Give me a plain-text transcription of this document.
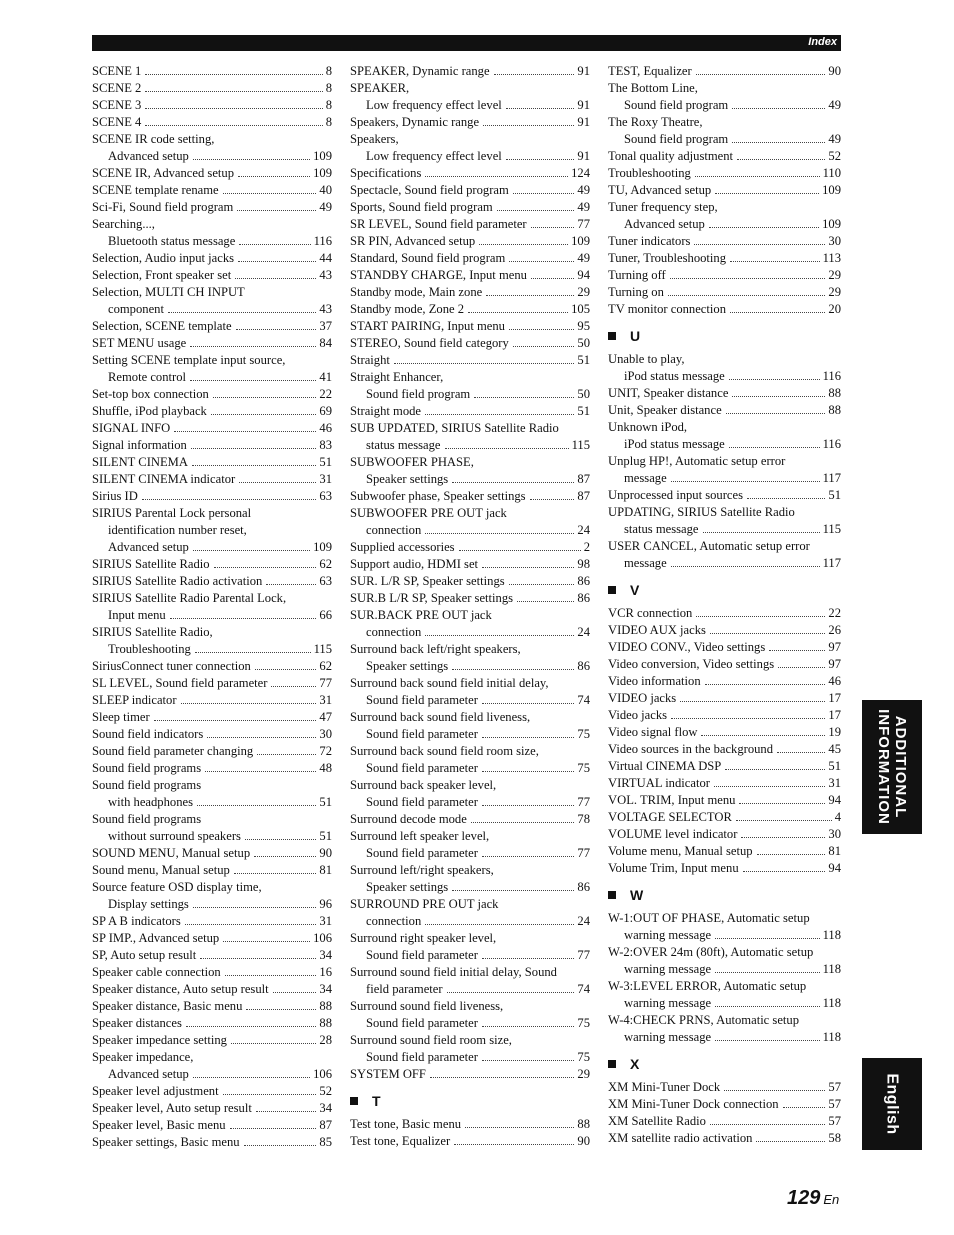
Index
SCENE 1	8
SCENE 2	8
SCENE 3	8
SCENE 4	8
SCENE IR code setting,
Advanced setup	109
SCENE IR, Advanced setup	109
SCENE template rename	40
Sci-Fi, Sound field program	49
Searching...,
Bluetooth status message	116
Selection, Audio input jacks	44
Selection, Front speaker set	43
Selection, MULTI CH INPUT
component	43
Selection, SCENE template	37
SET MENU usage	84
Setting SCENE template input source,
Remote control	41
Set-top box connection	22
Shuffle, iPod playback	69
SIGNAL INFO	46
Signal information	83
SILENT CINEMA	51
SILENT CINEMA indicator	31
Sirius ID	63
SIRIUS Parental Lock personal
identification number reset,
Advanced setup	109
SIRIUS Satellite Radio	62
SIRIUS Satellite Radio activation	63
SIRIUS Satellite Radio Parental Lock,
Input menu	66
SIRIUS Satellite Radio,
Troubleshooting	115
SiriusConnect tuner connection	62
SL LEVEL, Sound field parameter	77
SLEEP indicator	31
Sleep timer	47
Sound field indicators	30
Sound field parameter changing	72
Sound field programs	48
Sound field programs
with headphones	51
Sound field programs
without surround speakers	51
SOUND MENU, Manual setup	90
Sound menu, Manual setup	81
Source feature OSD display time,
Display settings	96
SP A B indicators	31
SP IMP., Advanced setup	106
SP, Auto setup result	34
Speaker cable connection	16
Speaker distance, Auto setup result	34
Speaker distance, Basic menu	88
Speaker distances	88
Speaker impedance setting	28
Speaker impedance,
Advanced setup	106
Speaker level adjustment	52
Speaker level, Auto setup result	34
Speaker level, Basic menu	87
Speaker settings, Basic menu	85
SPEAKER, Dynamic range	91
SPEAKER,
Low frequency effect level	91
Speakers, Dynamic range	91
Speakers,
Low frequency effect level	91
Specifications	124
Spectacle, Sound field program	49
Sports, Sound field program	49
SR LEVEL, Sound field parameter	77
SR PIN, Advanced setup	109
Standard, Sound field program	49
STANDBY CHARGE, Input menu	94
Standby mode, Main zone	29
Standby mode, Zone 2	105
START PAIRING, Input menu	95
STEREO, Sound field category	50
Straight	51
Straight Enhancer,
Sound field program	50
Straight mode	51
SUB UPDATED, SIRIUS Satellite Radio
status message	115
SUBWOOFER PHASE,
Speaker settings	87
Subwoofer phase, Speaker settings	87
SUBWOOFER PRE OUT jack
connection	24
Supplied accessories	2
Support audio, HDMI set	98
SUR. L/R SP, Speaker settings	86
SUR.B L/R SP, Speaker settings	86
SUR.BACK PRE OUT jack
connection	24
Surround back left/right speakers,
Speaker settings	86
Surround back sound field initial delay,
Sound field parameter	74
Surround back sound field liveness,
Sound field parameter	75
Surround back sound field room size,
Sound field parameter	75
Surround back speaker level,
Sound field parameter	77
Surround decode mode	78
Surround left speaker level,
Sound field parameter	77
Surround left/right speakers,
Speaker settings	86
SURROUND PRE OUT jack
connection	24
Surround right speaker level,
Sound field parameter	77
Surround sound field initial delay, Sound
field parameter	74
Surround sound field liveness,
Sound field parameter	75
Surround sound field room size,
Sound field parameter	75
SYSTEM OFF	29
T
Test tone, Basic menu	88
Test tone, Equalizer	90
TEST, Equalizer	90
The Bottom Line,
Sound field program	49
The Roxy Theatre,
Sound field program	49
Tonal quality adjustment	52
Troubleshooting	110
TU, Advanced setup	109
Tuner frequency step,
Advanced setup	109
Tuner indicators	30
Tuner, Troubleshooting	113
Turning off	29
Turning on	29
TV monitor connection	20
U
Unable to play,
iPod status message	116
UNIT, Speaker distance	88
Unit, Speaker distance	88
Unknown iPod,
iPod status message	116
Unplug HP!, Automatic setup error
message	117
Unprocessed input sources	51
UPDATING, SIRIUS Satellite Radio
status message	115
USER CANCEL, Automatic setup error
message	117
V
VCR connection	22
VIDEO AUX jacks	26
VIDEO CONV., Video settings	97
Video conversion, Video settings	97
Video information	46
VIDEO jacks	17
Video jacks	17
Video signal flow	19
Video sources in the background	45
Virtual CINEMA DSP	51
VIRTUAL indicator	31
VOL. TRIM, Input menu	94
VOLTAGE SELECTOR	4
VOLUME level indicator	30
Volume menu, Manual setup	81
Volume Trim, Input menu	94
W
W-1:OUT OF PHASE, Automatic setup
warning message	118
W-2:OVER 24m (80ft), Automatic setup
warning message	118
W-3:LEVEL ERROR, Automatic setup
warning message	118
W-4:CHECK PRNS, Automatic setup
warning message	118
X
XM Mini-Tuner Dock	57
XM Mini-Tuner Dock connection	57
XM Satellite Radio	57
XM satellite radio activation	58
ADDITIONAL
INFORMATION
English
129 En
